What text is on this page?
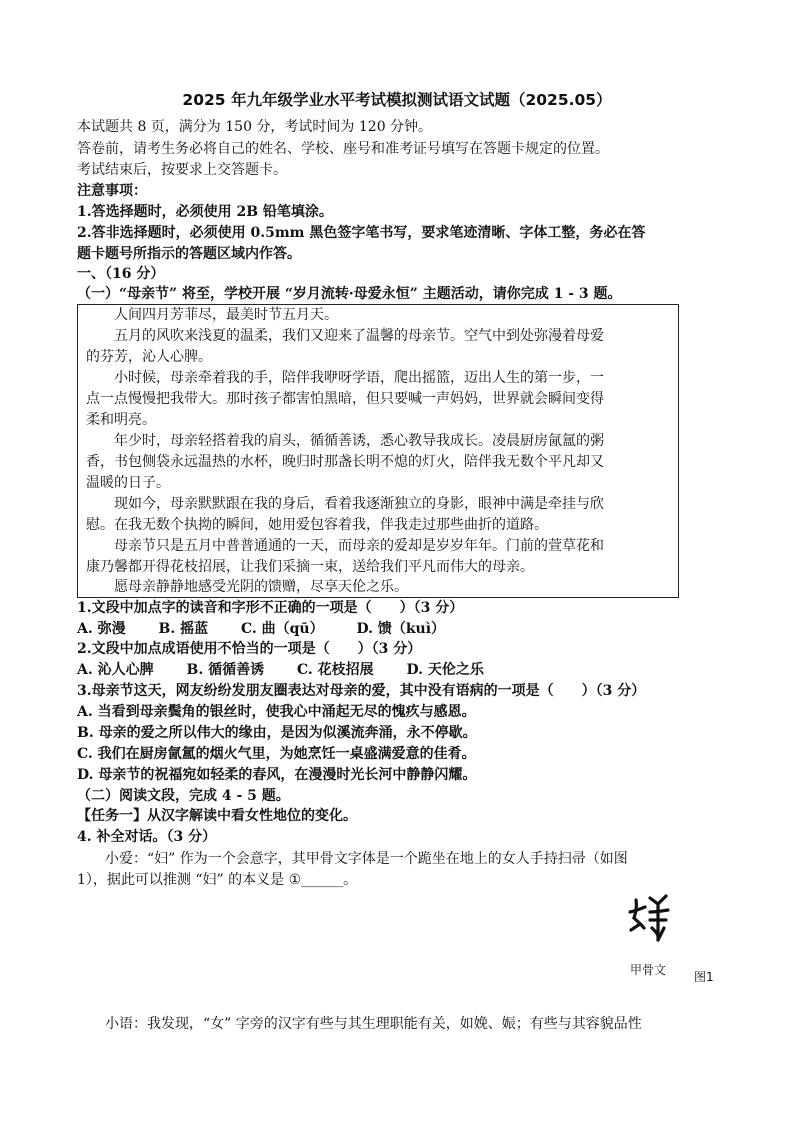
2025 年九年级学业水平考试模拟测试语文试题（2025.05）
本试题共 8 页，满分为 150 分，考试时间为 120 分钟。
答卷前，请考生务必将自己的姓名、学校、座号和准考证号填写在答题卡规定的位置。
考试结束后，按要求上交答题卡。
注意事项：
1.答选择题时，必须使用 2B 铅笔填涂。
2.答非选择题时，必须使用 0.5mm 黑色签字笔书写，要求笔迹清晰、字体工整，务必在答
题卡题号所指示的答题区域内作答。
一、（16 分）
（一）“母亲节” 将至，学校开展 “岁月流转·母爱永恒” 主题活动，请你完成 1 - 3 题。
人间四月芳菲尽，最美时节五月天。
五月的风吹来浅夏的温柔，我们又迎来了温馨的母亲节。空气中到处弥漫着母爱
的芬芳，沁人心脾。
小时候，母亲牵着我的手，陪伴我咿呀学语，爬出摇篮，迈出人生的第一步，一
点一点慢慢把我带大。那时孩子都害怕黑暗，但只要喊一声妈妈，世界就会瞬间变得
柔和明亮。
年少时，母亲轻搭着我的肩头，循循善诱，悉心教导我成长。凌晨厨房氤氲的粥
香，书包侧袋永远温热的水杯，晚归时那盏长明不熄的灯火，陪伴我无数个平凡却又
温暖的日子。
现如今，母亲默默跟在我的身后，看着我逐渐独立的身影，眼神中满是牵挂与欣
慰。在我无数个执拗的瞬间，她用爱包容着我，伴我走过那些曲折的道路。
母亲节只是五月中普普通通的一天，而母亲的爱却是岁岁年年。门前的萱草花和
康乃馨都开得花枝招展，让我们采摘一束，送给我们平凡而伟大的母亲。
愿母亲静静地感受光阴的馈赠，尽享天伦之乐。
1.文段中加点字的读音和字形不正确的一项是（　　）（3 分）
A. 弥漫 B. 摇蓝 C. 曲（qū） D. 馈（kuì）
2.文段中加点成语使用不恰当的一项是（　　）（3 分）
A. 沁人心脾 B. 循循善诱 C. 花枝招展 D. 天伦之乐
3.母亲节这天，网友纷纷发朋友圈表达对母亲的爱，其中没有语病的一项是（　　）（3 分）
A. 当看到母亲鬓角的银丝时，使我心中涌起无尽的愧疚与感恩。
B. 母亲的爱之所以伟大的缘由，是因为似溪流奔涌，永不停歇。
C. 我们在厨房氤氲的烟火气里，为她烹饪一桌盛满爱意的佳肴。
D. 母亲节的祝福宛如轻柔的春风，在漫漫时光长河中静静闪耀。
（二）阅读文段，完成 4 - 5 题。
【任务一】从汉字解读中看女性地位的变化。
4. 补全对话。（3 分）
小爱：“妇” 作为一个会意字，其甲骨文字体是一个跪坐在地上的女人手持扫帚（如图
1），据此可以推测 “妇” 的本义是 ①______。
甲骨文 图1
小语：我发现，“女” 字旁的汉字有些与其生理职能有关，如娩、娠；有些与其容貌品性
